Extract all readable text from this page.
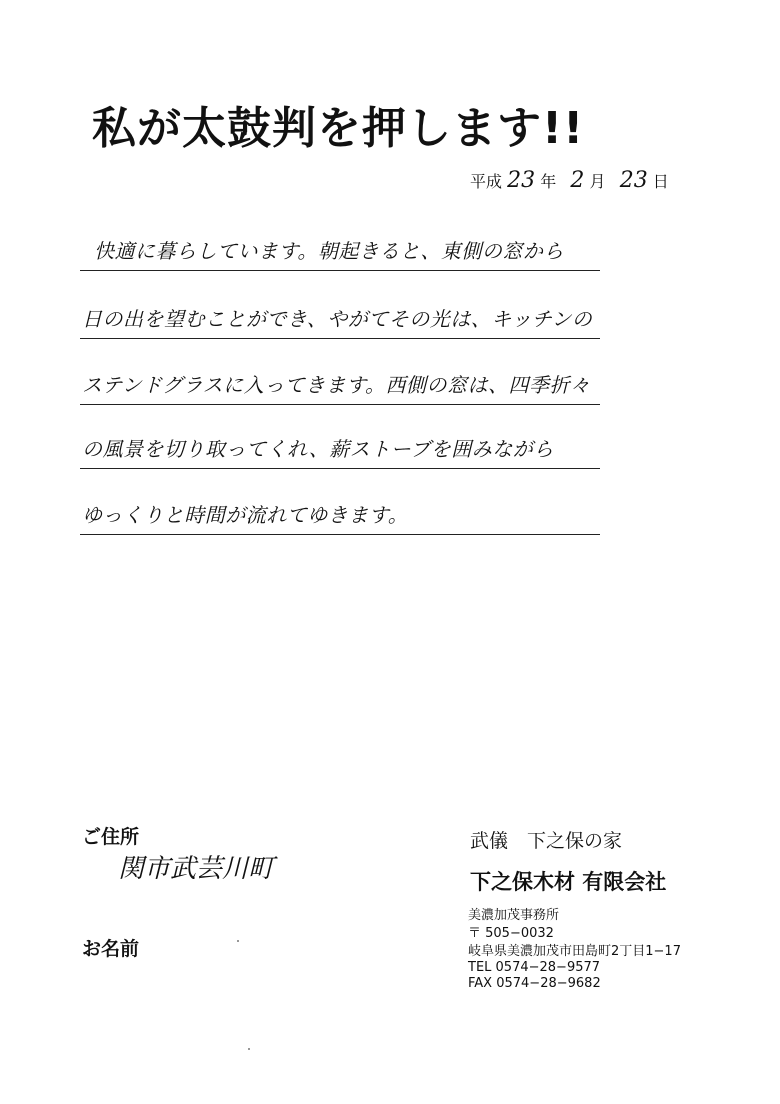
私が太鼓判を押します!!
平成 23 年 2 月 23 日
快適に暮らしています。朝起きると、東側の窓から
日の出を望むことができ、やがてその光は、キッチンの
ステンドグラスに入ってきます。西側の窓は、四季折々
の風景を切り取ってくれ、薪ストーブを囲みながら
ゆっくりと時間が流れてゆきます。
ご住所
関市武芸川町
お名前
武儀　下之保の家
下之保木材 有限会社
美濃加茂事務所
〒 505−0032
岐阜県美濃加茂市田島町2丁目1−17
TEL 0574−28−9577
FAX 0574−28−9682
